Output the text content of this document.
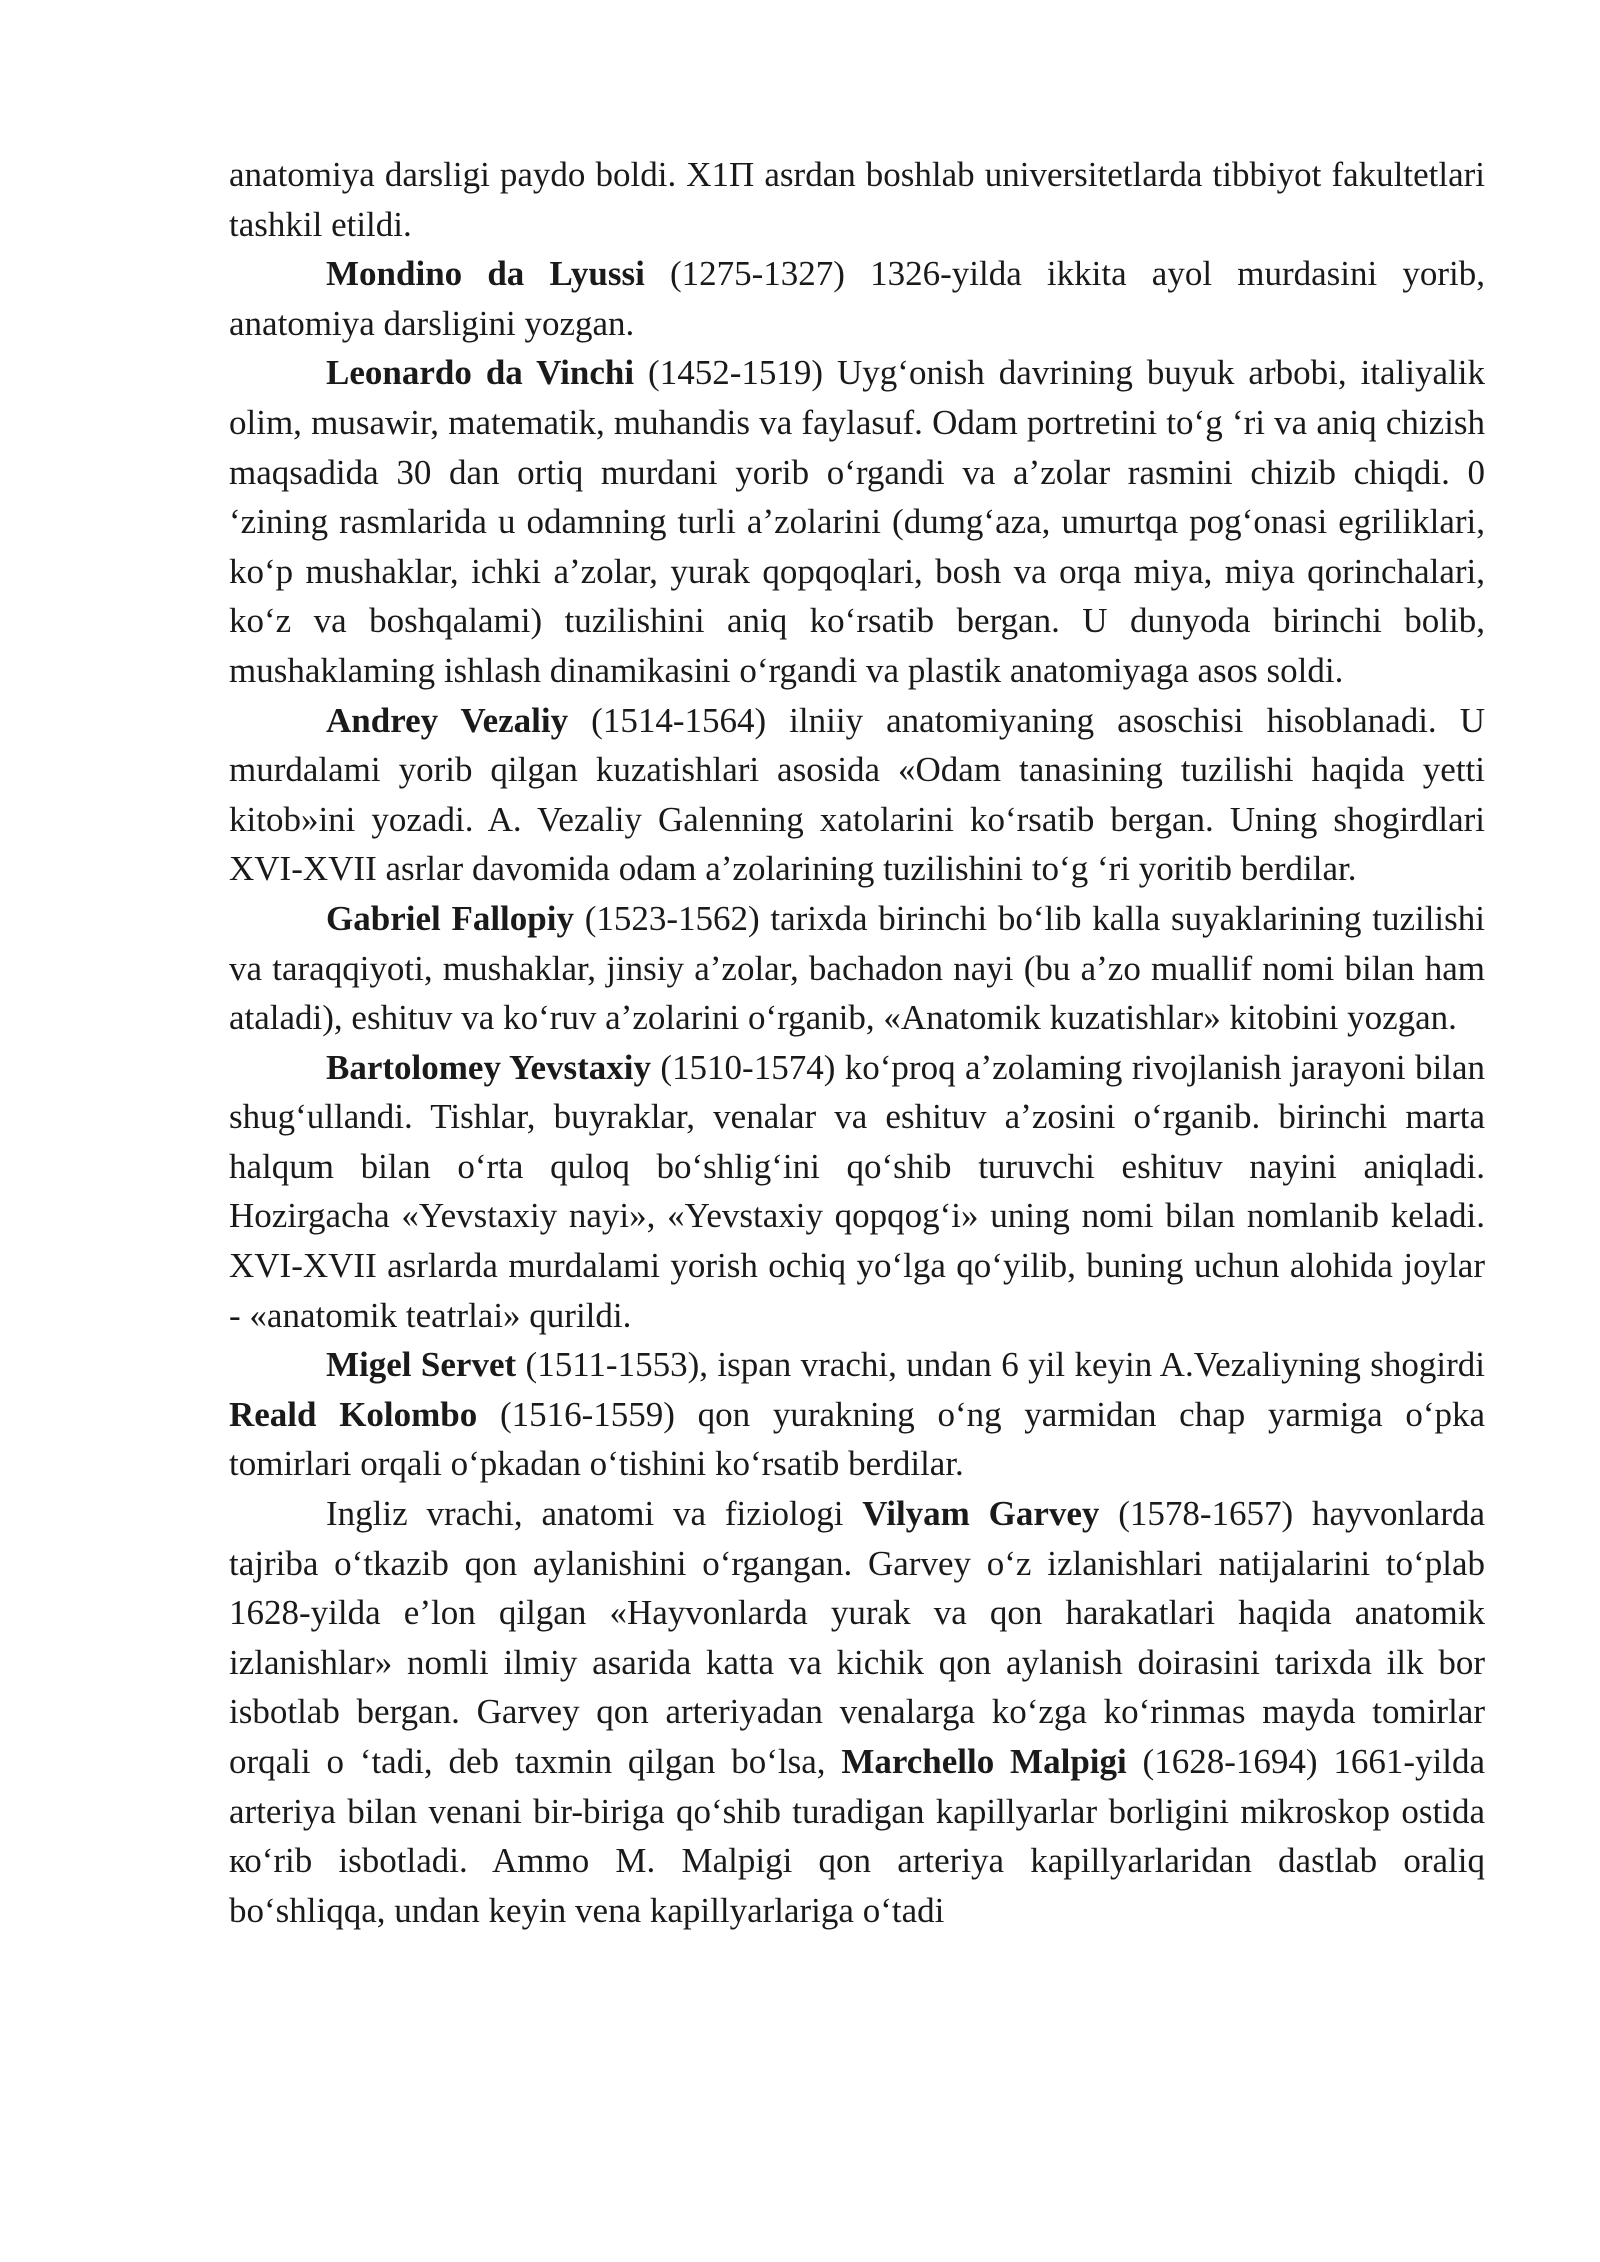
anatomiya darsligi paydo boldi. X1П asrdan boshlab universitetlarda tibbiyot fakultetlari tashkil etildi.

Mondino da Lyussi (1275-1327) 1326-yilda ikkita ayol murdasini yorib, anatomiya darsligini yozgan.

Leonardo da Vinchi (1452-1519) Uygʻonish davrining buyuk arbobi, italiyalik olim, musawir, matematik, muhandis va faylasuf. Odam portretini toʻg ʻri va aniq chizish maqsadida 30 dan ortiq murdani yorib oʻrgandi va aʼzolar rasmini chizib chiqdi. 0 ʻzining rasmlarida u odamning turli aʼzolarini (dumgʻaza, umurtqa pogʻonasi egriliklari, koʻp mushaklar, ichki aʼzolar, yurak qopqoqlari, bosh va orqa miya, miya qorinchalari, koʻz va boshqalami) tuzilishini aniq koʻrsatib bergan. U dunyoda birinchi bolib, mushaklaming ishlash dinamikasini oʻrgandi va plastik anatomiyaga asos soldi.

Andrey Vezaliy (1514-1564) ilniiy anatomiyaning asoschisi hisoblanadi. U murdalami yorib qilgan kuzatishlari asosida «Odam tanasining tuzilishi haqida yetti kitob»ini yozadi. A. Vezaliy Galenning xatolarini koʻrsatib bergan. Uning shogirdlari XVI-XVII asrlar davomida odam aʼzolarining tuzilishini toʻg ʻri yoritib berdilar.

Gabriel Fallopiy (1523-1562) tarixda birinchi boʻlib kalla suyaklarining tuzilishi va taraqqiyoti, mushaklar, jinsiy aʼzolar, bachadon nayi (bu aʼzo muallif nomi bilan ham ataladi), eshituv va koʻruv aʼzolarini oʻrganib, «Anatomik kuzatishlar» kitobini yozgan.

Bartolomey Yevstaxiy (1510-1574) koʻproq aʼzolaming rivojlanish jarayoni bilan shugʻullandi. Tishlar, buyraklar, venalar va eshituv aʼzosini oʻrganib. birinchi marta halqum bilan oʻrta quloq boʻshligʻini qoʻshib turuvchi eshituv nayini aniqladi. Hozirgacha «Yevstaxiy nayi», «Yevstaxiy qopqogʻi» uning nomi bilan nomlanib keladi. XVI-XVII asrlarda murdalami yorish ochiq yoʻlga qoʻyilib, buning uchun alohida joylar - «anatomik teatrlai» qurildi.

Migel Servet (1511-1553), ispan vrachi, undan 6 yil keyin A.Vezaliyning shogirdi Reald Kolombo (1516-1559) qon yurakning oʻng yarmidan chap yarmiga oʻpka tomirlari orqali oʻpkadan oʻtishini koʻrsatib berdilar.

Ingliz vrachi, anatomi va fiziologi Vilyam Garvey (1578-1657) hayvonlarda tajriba oʻtkazib qon aylanishini oʻrgangan. Garvey oʻz izlanishlari natijalarini toʻplab 1628-yilda eʼlon qilgan «Hayvonlarda yurak va qon harakatlari haqida anatomik izlanishlar» nomli ilmiy asarida katta va kichik qon aylanish doirasini tarixda ilk bor isbotlab bergan. Garvey qon arteriyadan venalarga koʻzga koʻrinmas mayda tomirlar orqali o ʻtadi, deb taxmin qilgan boʻlsa, Marchello Malpigi (1628-1694) 1661-yilda arteriya bilan venani bir-biriga qoʻshib turadigan kapillyarlar borligini mikroskop ostida коʻrib isbotladi. Ammo M. Malpigi qon arteriya kapillyarlaridan dastlab oraliq boʻshliqqa, undan keyin vena kapillyarlariga oʻtadi
